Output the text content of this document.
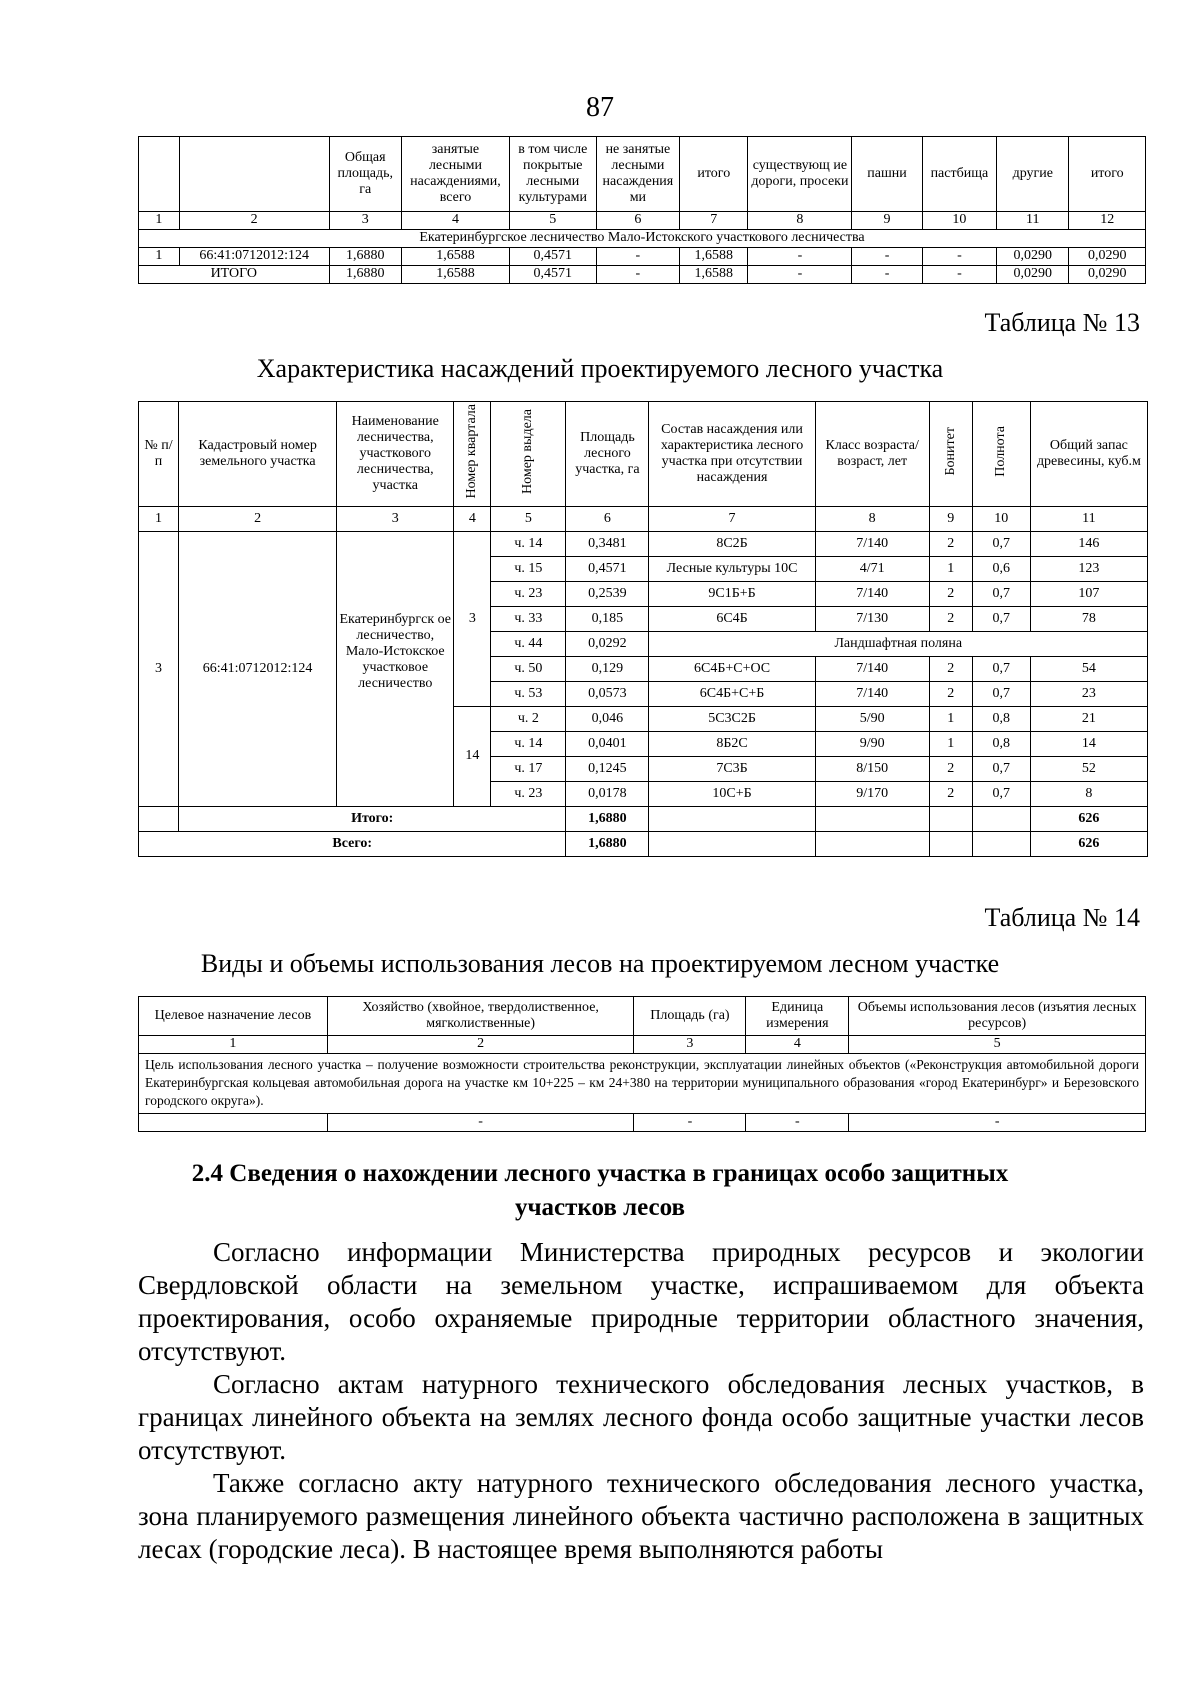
87
		Общая площадь, га	занятые лесными насаждениями, всего	в том числе покрытые лесными культурами	не занятые лесными насаждения ми	итого	существующ ие дороги, просеки	пашни	пастбища	другие	итого
1	2	3	4	5	6	7	8	9	10	11	12
Екатеринбургское лесничество Мало-Истокского участкового лесничества											
1	66:41:0712012:124	1,6880	1,6588	0,4571	-	1,6588	-	-	-	0,0290	0,0290
ИТОГО		1,6880	1,6588	0,4571	-	1,6588	-	-	-	0,0290	0,0290
Таблица № 13
Характеристика насаждений проектируемого лесного участка
№ п/п	Кадастровый номер земельного участка	Наименование лесничества, участкового лесничества, участка	Номер квартала	Номер выдела	Площадь лесного участка, га	Состав насаждения или характеристика лесного участка при отсутствии насаждения	Класс возраста/ возраст, лет	Бонитет	Полнота	Общий запас древесины, куб.м
1	2	3	4	5	6	7	8	9	10	11
3	66:41:0712012:124	Екатеринбургск ое лесничество, Мало-Истокское участковое лесничество	3	ч. 14	0,3481	8С2Б	7/140	2	0,7	146
				ч. 15	0,4571	Лесные культуры 10С	4/71	1	0,6	123
				ч. 23	0,2539	9С1Б+Б	7/140	2	0,7	107
				ч. 33	0,185	6С4Б	7/130	2	0,7	78
				ч. 44	0,0292	Ландшафтная поляна				
				ч. 50	0,129	6С4Б+С+ОС	7/140	2	0,7	54
				ч. 53	0,0573	6С4Б+С+Б	7/140	2	0,7	23
			14	ч. 2	0,046	5С3С2Б	5/90	1	0,8	21
				ч. 14	0,0401	8Б2С	9/90	1	0,8	14
				ч. 17	0,1245	7С3Б	8/150	2	0,7	52
				ч. 23	0,0178	10С+Б	9/170	2	0,7	8
	Итого:				1,6880					626
Всего:					1,6880					626
Таблица № 14
Виды и объемы использования лесов на проектируемом лесном участке
Целевое назначение лесов	Хозяйство (хвойное, твердолиственное, мягколиственные)	Площадь (га)	Единица измерения	Объемы использования лесов (изъятия лесных ресурсов)
1	2	3	4	5
Цель использования лесного участка – получение возможности строительства реконструкции, эксплуатации линейных объектов («Реконструкция автомобильной дороги Екатеринбургская кольцевая автомобильная дорога на участке км 10+225 – км 24+380 на территории муниципального образования «город Екатеринбург» и Березовского городского округа»).				
	-	-	-	-
2.4 Сведения о нахождении лесного участка в границах особо защитных
участков лесов

Согласно информации Министерства природных ресурсов и экологии Свердловской области на земельном участке, испрашиваемом для объекта проектирования, особо охраняемые природные территории областного значения, отсутствуют.

Согласно актам натурного технического обследования лесных участков, в границах линейного объекта на землях лесного фонда особо защитные участки лесов отсутствуют.

Также согласно акту натурного технического обследования лесного участка, зона планируемого размещения линейного объекта частично расположена в защитных лесах (городские леса). В настоящее время выполняются работы
